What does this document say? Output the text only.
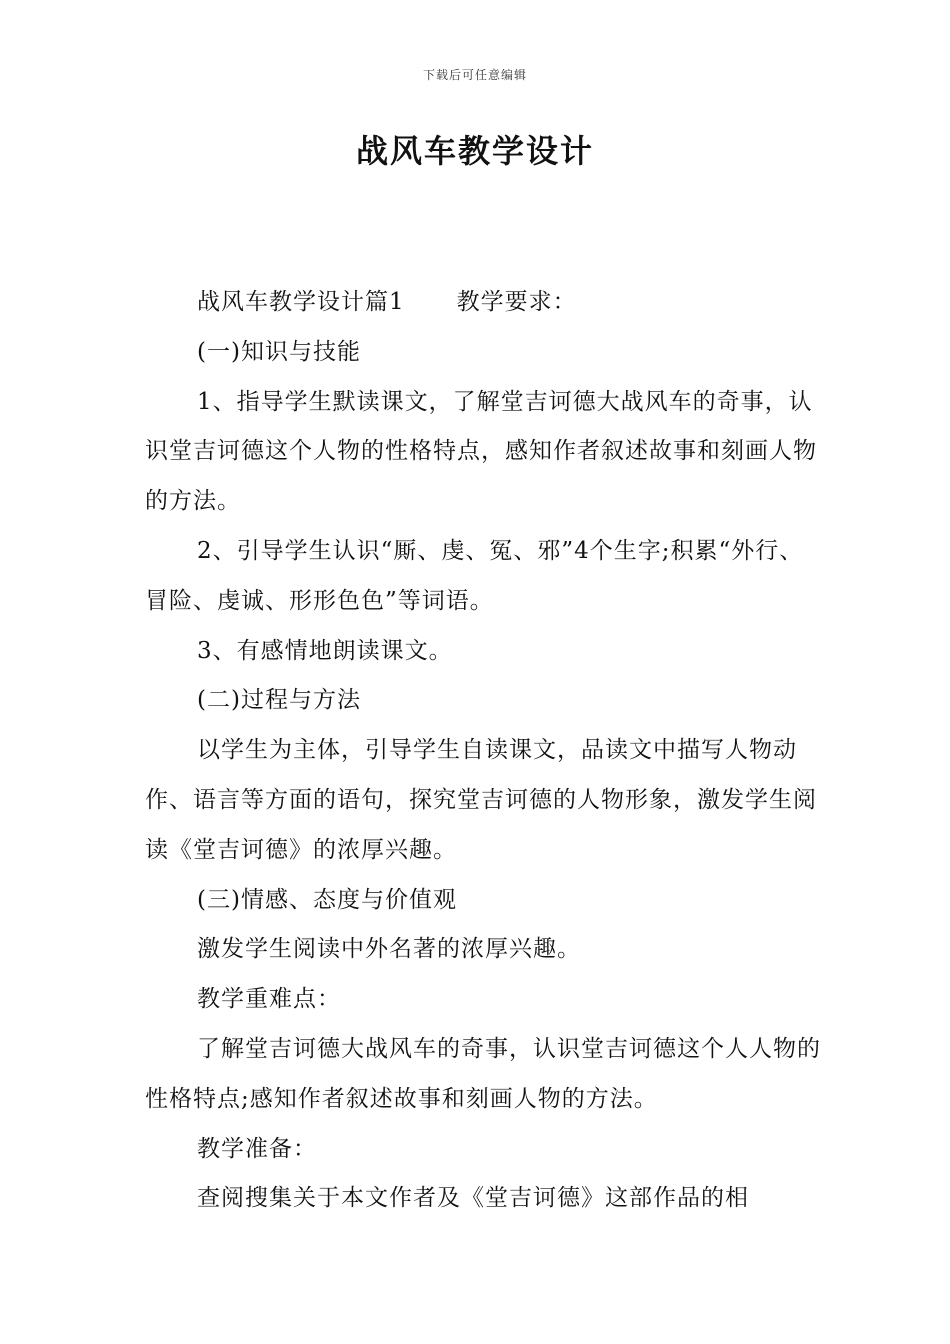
下载后可任意编辑
战风车教学设计

战风车教学设计篇1 教学要求：

(一)知识与技能

1、指导学生默读课文，了解堂吉诃德大战风车的奇事，认识堂吉诃德这个人物的性格特点，感知作者叙述故事和刻画人物的方法。

2、引导学生认识“厮、虔、冤、邪”4个生字;积累“外行、冒险、虔诚、形形色色”等词语。

3、有感情地朗读课文。

(二)过程与方法

以学生为主体，引导学生自读课文，品读文中描写人物动作、语言等方面的语句，探究堂吉诃德的人物形象，激发学生阅读《堂吉诃德》的浓厚兴趣。

(三)情感、态度与价值观

激发学生阅读中外名著的浓厚兴趣。

教学重难点：

了解堂吉诃德大战风车的奇事，认识堂吉诃德这个人人物的性格特点;感知作者叙述故事和刻画人物的方法。

教学准备：

查阅搜集关于本文作者及《堂吉诃德》这部作品的相
